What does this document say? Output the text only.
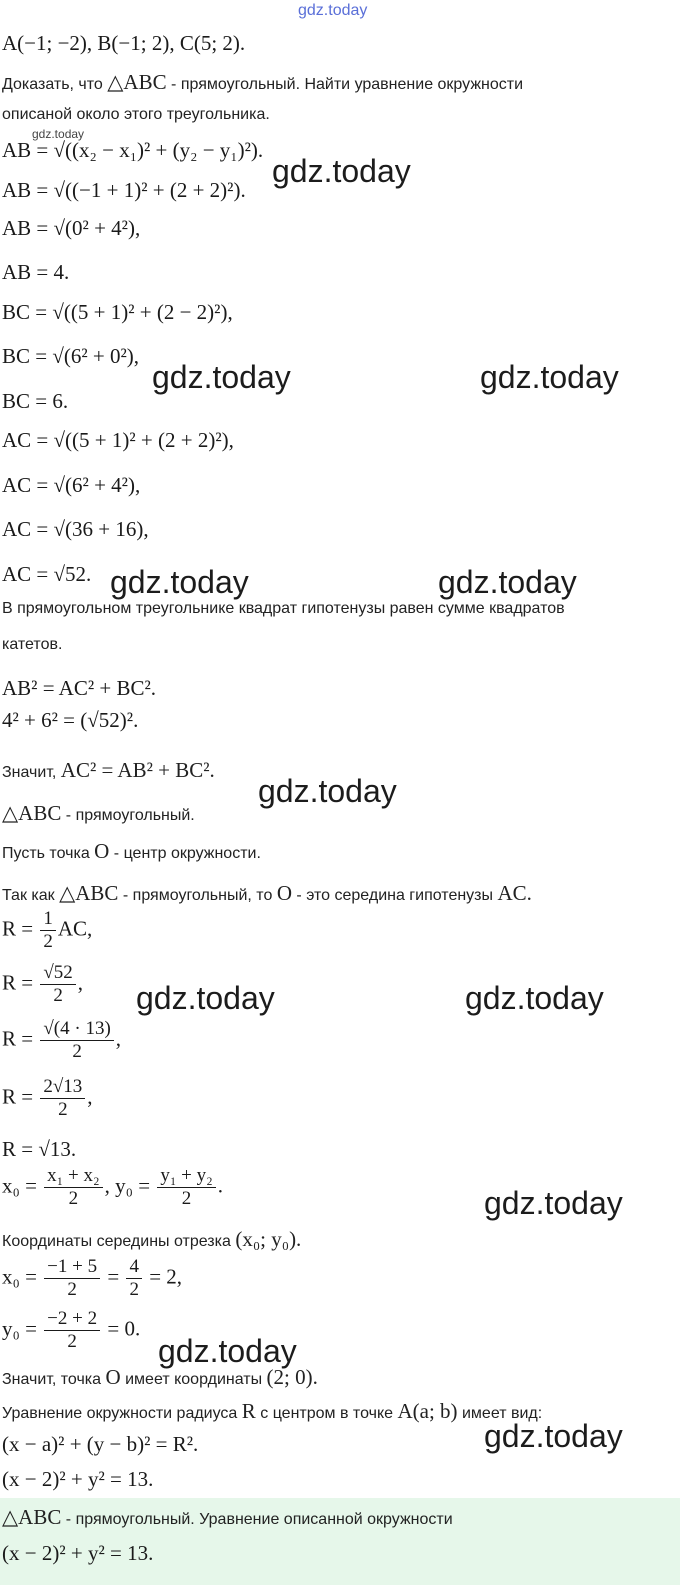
gdz.today
gdz.today
gdz.today
gdz.today	gdz.today
gdz.today	gdz.today
gdz.today
gdz.today	gdz.today
gdz.today
gdz.today
gdz.today
A(−1; −2), B(−1; 2), C(5; 2).
Доказать, что △ABC - прямоугольный. Найти уравнение окружности
описаной около этого треугольника.
AB = √((x₂ − x₁)² + (y₂ − y₁)²).
AB = √((−1 + 1)² + (2 + 2)²).
AB = √(0² + 4²),
AB = 4.
BC = √((5 + 1)² + (2 − 2)²),
BC = √(6² + 0²),
BC = 6.
AC = √((5 + 1)² + (2 + 2)²),
AC = √(6² + 4²),
AC = √(36 + 16),
AC = √52.
В прямоугольном треугольнике квадрат гипотенузы равен сумме квадратов
катетов.
AB² = AC² + BC².
4² + 6² = (√52)².
Значит, AC² = AB² + BC².
△ABC - прямоугольный.
Пусть точка O - центр окружности.
Так как △ABC - прямоугольный, то O - это середина гипотенузы AC.
$R = \frac{1}{2}$ AC,
$R = \frac{√52}{2}$ ,
$R = \frac{√(4 \cdot 13)}{2}$ ,
$R = \frac{2√13}{2}$ ,
R = √13.
$x_0 = \frac{\text{x₁ + x₂}}{2}$ , $y_0 = \frac{\text{y₁ + y₂}}{2}$ .
Координаты середины отрезка (x₀; y₀).
$x_0 = \frac{-1 + 5}{2} = \frac{4}{2} = 2$,
$y_0 = \frac{-2 + 2}{2} = 0$.
Значит, точка O имеет координаты (2; 0).
Уравнение окружности радиуса R с центром в точке A(a; b) имеет вид:
(x − a)² + (y − b)² = R².
(x − 2)² + y² = 13.
△ABC - прямоугольный. Уравнение описанной окружности
(x − 2)² + y² = 13.
